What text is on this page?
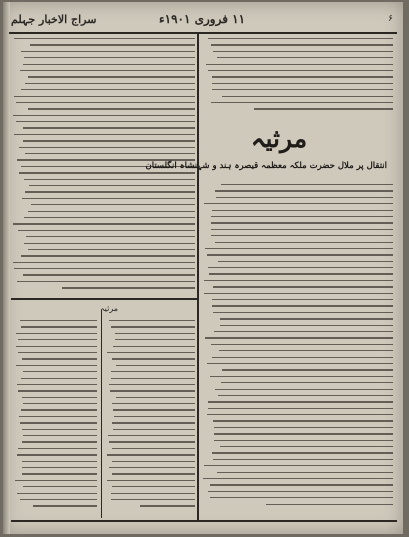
سراج الاخبار جہلم	۱۱ فروری ۱۹۰۱ء	۶
مرثیہ
انتقال پر ملال حضرت ملکہ معظمہ قیصرہ ہند و شہنشاہ انگلستان
مرثیہ
